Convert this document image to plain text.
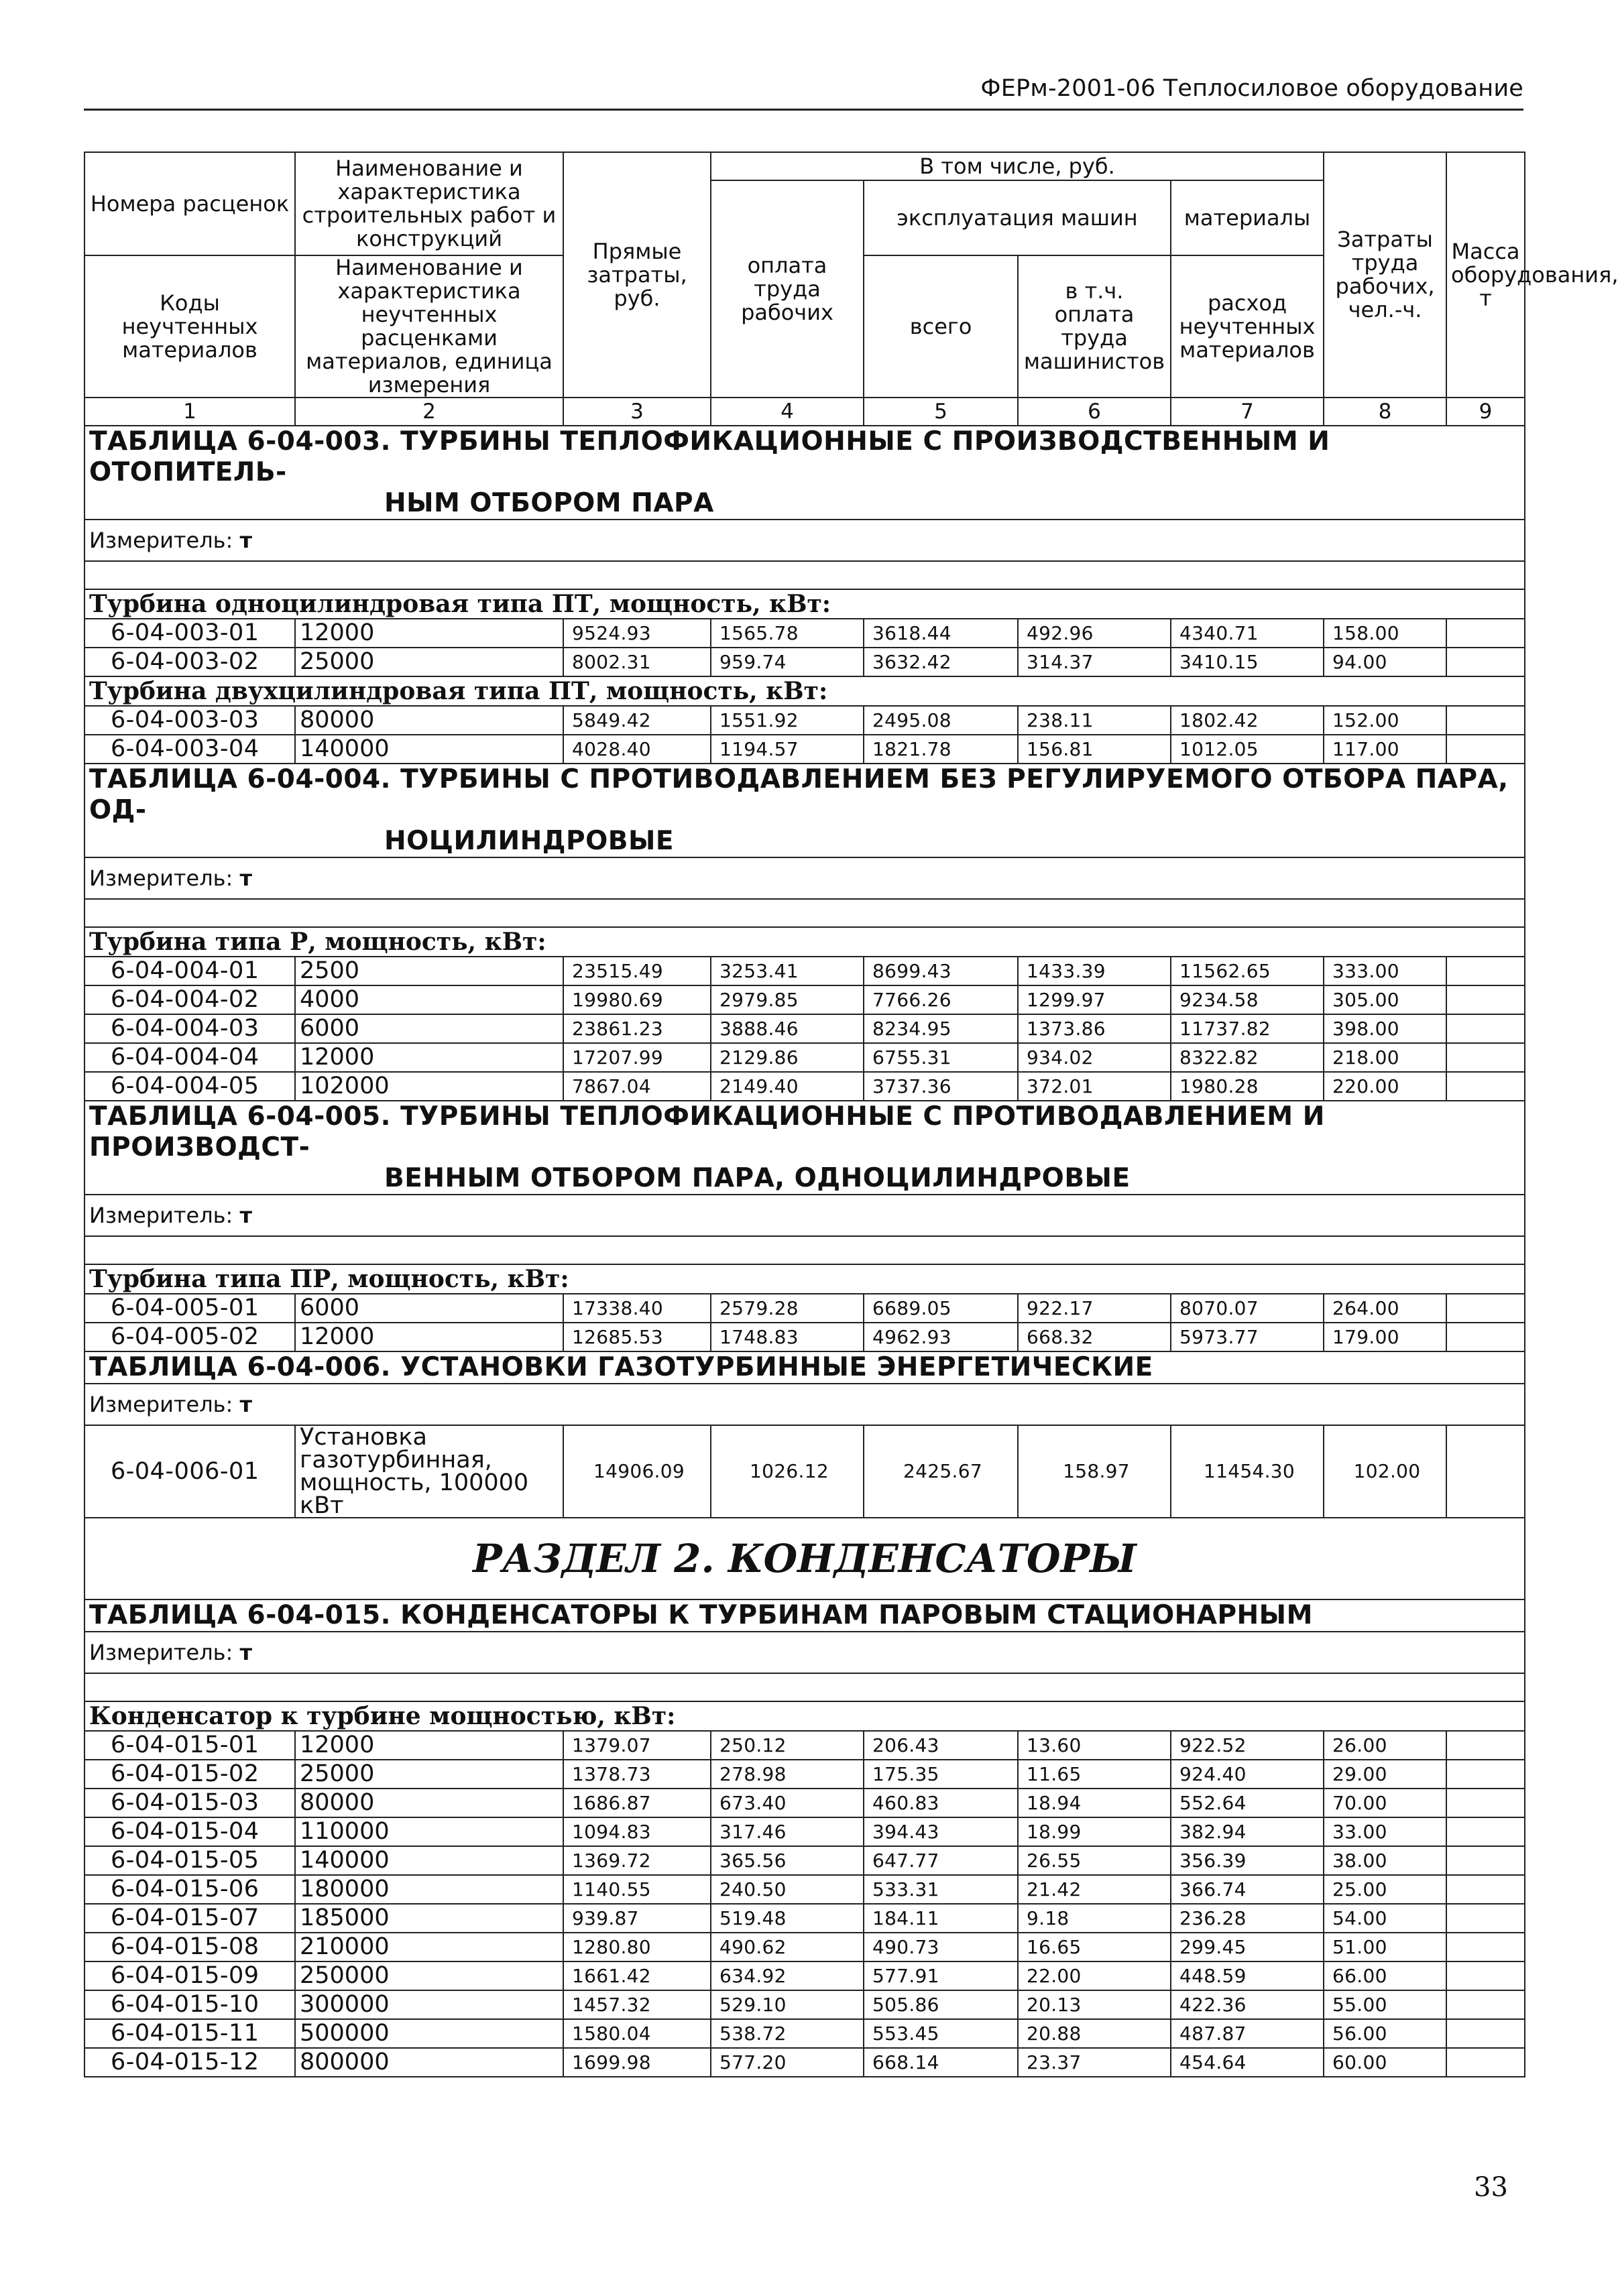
ФЕРм-2001-06 Теплосиловое оборудование
Номера расценок	Наименование и характеристика строительных работ и конструкций	Прямые затраты, руб.	В том числе, руб.				Затраты труда рабочих, чел.-ч.	Масса оборудования, т
			оплата труда рабочих	эксплуатация машин		материалы		
Коды неучтенных материалов	Наименование и характеристика неучтенных расценками материалов, единица измерения			всего	в т.ч. оплата труда машинистов	расход неучтенных материалов		

1	2	3	4	5	6	7	8	9
ТАБЛИЦА 6-04-003. ТУРБИНЫ ТЕПЛОФИКАЦИОННЫЕ С ПРОИЗВОДСТВЕННЫМ И ОТОПИТЕЛЬ-
НЫМ ОТБОРОМ ПАРА								

Измеритель: т								

Турбина одноцилиндровая типа ПТ, мощность, кВт:								
6-04-003-01	12000	9524.93	1565.78	3618.44	492.96	4340.71	158.00	
6-04-003-02	25000	8002.31	959.74	3632.42	314.37	3410.15	94.00	
Турбина двухцилиндровая типа ПТ, мощность, кВт:								
6-04-003-03	80000	5849.42	1551.92	2495.08	238.11	1802.42	152.00	
6-04-003-04	140000	4028.40	1194.57	1821.78	156.81	1012.05	117.00	
ТАБЛИЦА 6-04-004. ТУРБИНЫ С ПРОТИВОДАВЛЕНИЕМ БЕЗ РЕГУЛИРУЕМОГО ОТБОРА ПАРА, ОД-
НОЦИЛИНДРОВЫЕ								

Измеритель: т								

Турбина типа Р, мощность, кВт:								
6-04-004-01	2500	23515.49	3253.41	8699.43	1433.39	11562.65	333.00	
6-04-004-02	4000	19980.69	2979.85	7766.26	1299.97	9234.58	305.00	
6-04-004-03	6000	23861.23	3888.46	8234.95	1373.86	11737.82	398.00	
6-04-004-04	12000	17207.99	2129.86	6755.31	934.02	8322.82	218.00	
6-04-004-05	102000	7867.04	2149.40	3737.36	372.01	1980.28	220.00	
ТАБЛИЦА 6-04-005. ТУРБИНЫ ТЕПЛОФИКАЦИОННЫЕ С ПРОТИВОДАВЛЕНИЕМ И ПРОИЗВОДСТ-
ВЕННЫМ ОТБОРОМ ПАРА, ОДНОЦИЛИНДРОВЫЕ								

Измеритель: т								

Турбина типа ПР, мощность, кВт:								
6-04-005-01	6000	17338.40	2579.28	6689.05	922.17	8070.07	264.00	
6-04-005-02	12000	12685.53	1748.83	4962.93	668.32	5973.77	179.00	
ТАБЛИЦА 6-04-006. УСТАНОВКИ ГАЗОТУРБИННЫЕ ЭНЕРГЕТИЧЕСКИЕ								
Измеритель: т								
6-04-006-01	Установка газотурбинная, мощность, 100000 кВт	14906.09	1026.12	2425.67	158.97	11454.30	102.00	
РАЗДЕЛ 2. КОНДЕНСАТОРЫ								
ТАБЛИЦА 6-04-015. КОНДЕНСАТОРЫ К ТУРБИНАМ ПАРОВЫМ СТАЦИОНАРНЫМ								
Измеритель: т								

Конденсатор к турбине мощностью, кВт:								
6-04-015-01	12000	1379.07	250.12	206.43	13.60	922.52	26.00	
6-04-015-02	25000	1378.73	278.98	175.35	11.65	924.40	29.00	
6-04-015-03	80000	1686.87	673.40	460.83	18.94	552.64	70.00	
6-04-015-04	110000	1094.83	317.46	394.43	18.99	382.94	33.00	
6-04-015-05	140000	1369.72	365.56	647.77	26.55	356.39	38.00	
6-04-015-06	180000	1140.55	240.50	533.31	21.42	366.74	25.00	
6-04-015-07	185000	939.87	519.48	184.11	9.18	236.28	54.00	
6-04-015-08	210000	1280.80	490.62	490.73	16.65	299.45	51.00	
6-04-015-09	250000	1661.42	634.92	577.91	22.00	448.59	66.00	
6-04-015-10	300000	1457.32	529.10	505.86	20.13	422.36	55.00	
6-04-015-11	500000	1580.04	538.72	553.45	20.88	487.87	56.00	
6-04-015-12	800000	1699.98	577.20	668.14	23.37	454.64	60.00	
33
